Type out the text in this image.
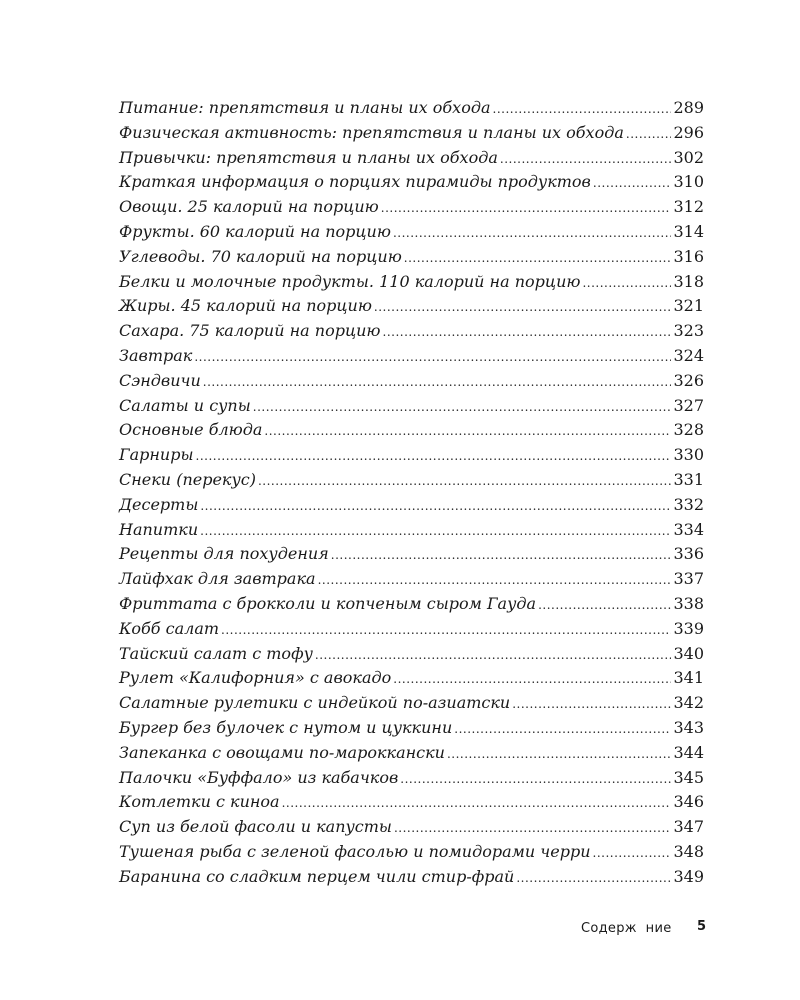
Питание: препятствия и планы их обхода .....	289
Физическая активность: препятствия и планы их обхода .....	296
Привычки: препятствия и планы их обхода .....	302
Краткая информация о порциях пирамиды продуктов .....	310
Овощи. 25 калорий на порцию .....	312
Фрукты. 60 калорий на порцию .....	314
Углеводы. 70 калорий на порцию .....	316
Белки и молочные продукты. 110 калорий на порцию .....	318
Жиры. 45 калорий на порцию .....	321
Сахара. 75 калорий на порцию .....	323
Завтрак .....	324
Сэндвичи .....	326
Салаты и супы .....	327
Основные блюда .....	328
Гарниры .....	330
Снеки (перекус) .....	331
Десерты .....	332
Напитки .....	334
Рецепты для похудения .....	336
Лайфхак для завтрака .....	337
Фриттата с брокколи и копченым сыром Гауда .....	338
Кобб салат .....	339
Тайский салат с тофу .....	340
Рулет «Калифорния» с авокадо .....	341
Салатные рулетики с индейкой по-азиатски .....	342
Бургер без булочек с нутом и цуккини .....	343
Запеканка с овощами по-мароккански .....	344
Палочки «Буффало» из кабачков .....	345
Котлетки с киноа .....	346
Суп из белой фасоли и капусты .....	347
Тушеная рыба с зеленой фасолью и помидорами черри .....	348
Баранина со сладким перцем чили стир-фрай .....	349
Содерж  ние 5
